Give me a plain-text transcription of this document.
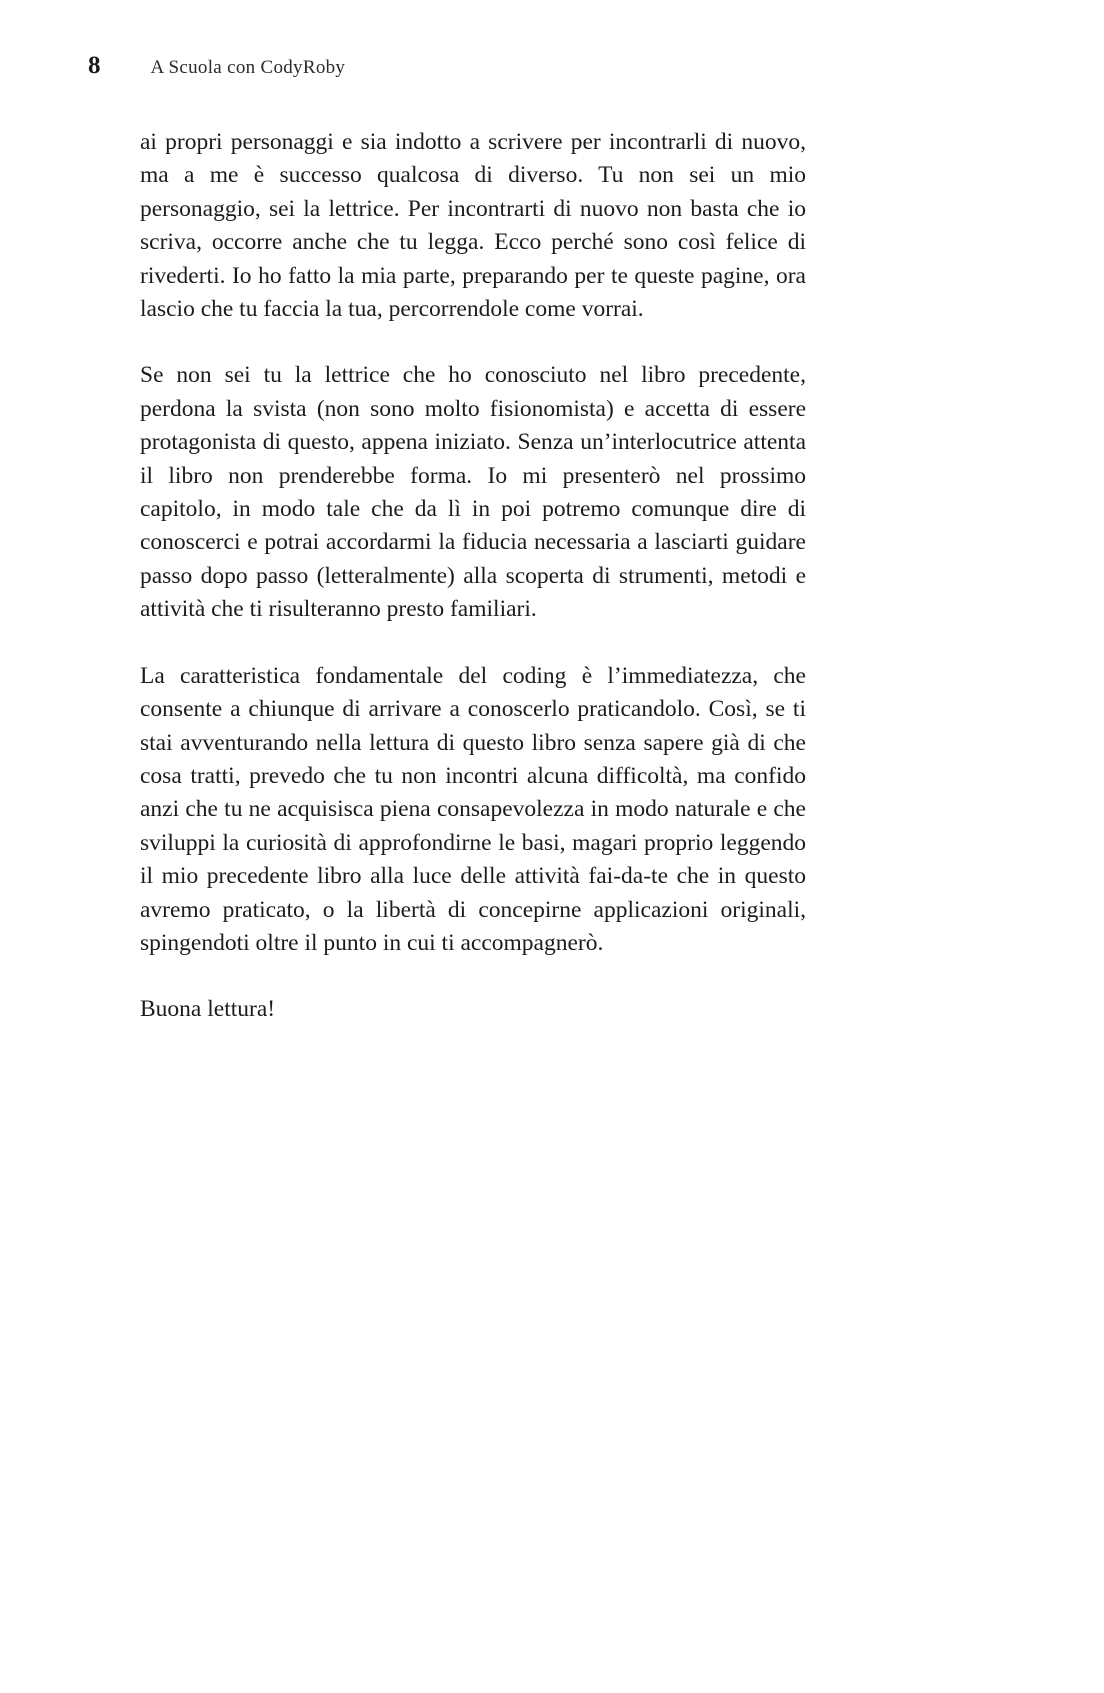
8	A Scuola con CodyRoby

ai propri personaggi e sia indotto a scrivere per incontrarli di nuovo, ma a me è successo qualcosa di diverso. Tu non sei un mio personaggio, sei la lettrice. Per incontrarti di nuovo non basta che io scriva, occorre anche che tu legga. Ecco perché sono così felice di rivederti. Io ho fatto la mia parte, preparando per te queste pagine, ora lascio che tu faccia la tua, percorrendole come vorrai.

Se non sei tu la lettrice che ho conosciuto nel libro precedente, perdona la svista (non sono molto fisionomista) e accetta di essere protagonista di questo, appena iniziato. Senza un’interlocutrice attenta il libro non prenderebbe forma. Io mi presenterò nel prossimo capitolo, in modo tale che da lì in poi potremo comunque dire di conoscerci e potrai accordarmi la fiducia necessaria a lasciarti guidare passo dopo passo (letteralmente) alla scoperta di strumenti, metodi e attività che ti risulteranno presto familiari.

La caratteristica fondamentale del coding è l’immediatezza, che consente a chiunque di arrivare a conoscerlo praticandolo. Così, se ti stai avventurando nella lettura di questo libro senza sapere già di che cosa tratti, prevedo che tu non incontri alcuna difficoltà, ma confido anzi che tu ne acquisisca piena consapevolezza in modo naturale e che sviluppi la curiosità di approfondirne le basi, magari proprio leggendo il mio precedente libro alla luce delle attività fai-da-te che in questo avremo praticato, o la libertà di concepirne applicazioni originali, spingendoti oltre il punto in cui ti accompagnerò.

Buona lettura!
